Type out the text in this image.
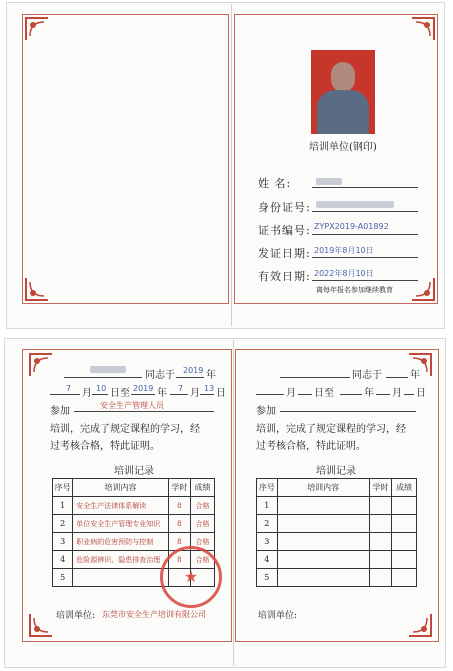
培训单位(钢印)
姓 名:
身份证号:
证书编号: ZYPX2019-A01892
发证日期: 2019年8月10日
有效日期: 2022年8月10日
离每年报名参加继续教育
同志于 2019 年
7 月 10 日至 2019 年 7 月 13 日
参加
安全生产管理人员
培训，完成了规定课程的学习，经
过考核合格，特此证明。
培训记录
序号	培训内容	学时	成绩
1	安全生产法律体系解读	8	合格
2	单位安全生产管理专业知识	8	合格
3	职业病的危害预防与控制	8	合格
4	危险源辨识、隐患排查治理	8	合格
5				★
培训单位: 东莞市安全生产培训有限公司
同志于	年
月 日至	年 月 日
参加
培训，完成了规定课程的学习，经
过考核合格，特此证明。
培训记录
序号	培训内容	学时	成绩
1			
2			
3			
4			
5			
培训单位:
